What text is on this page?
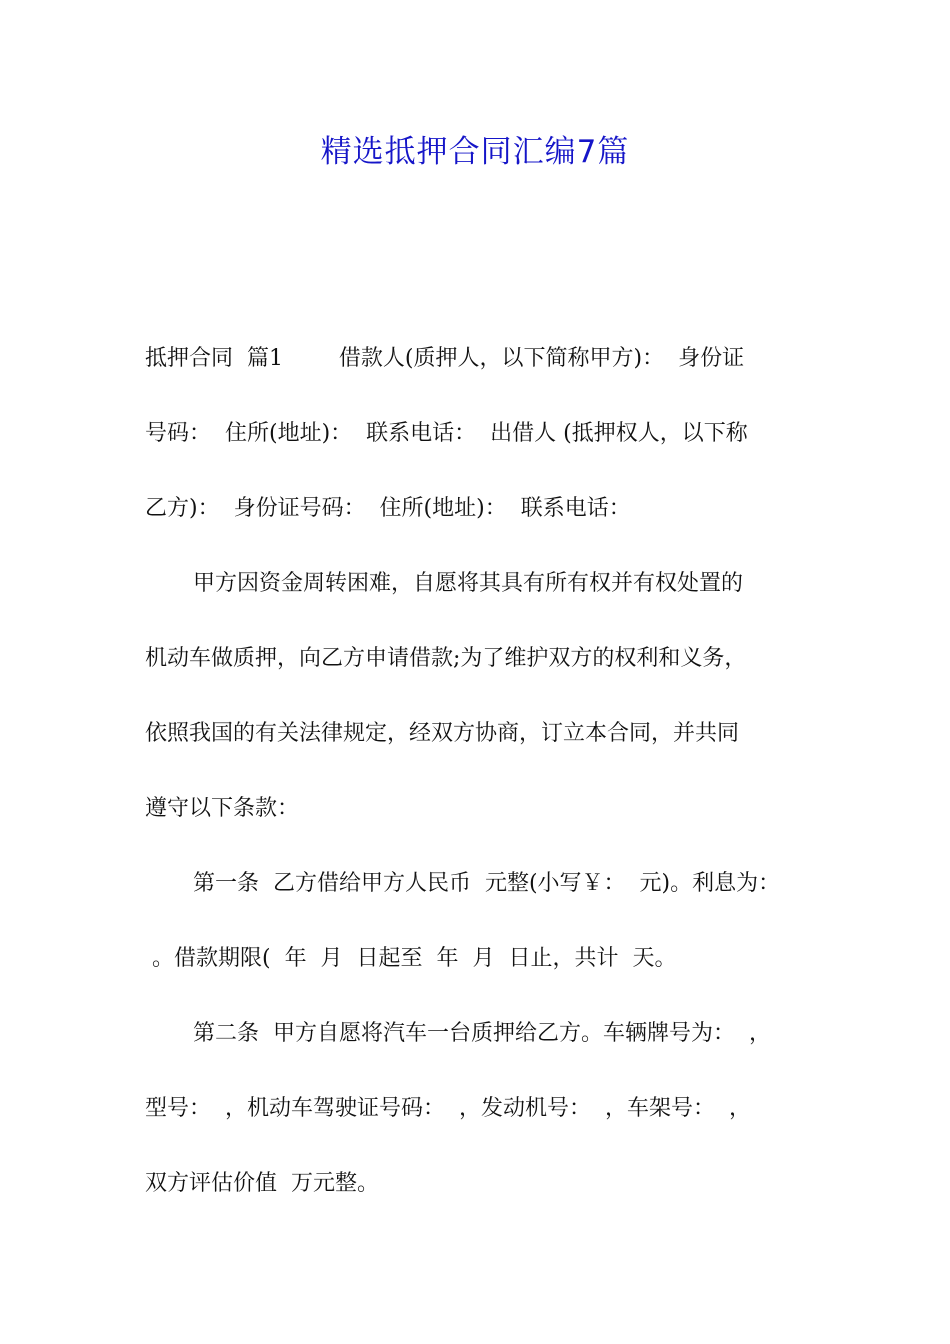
精选抵押合同汇编7篇
抵押合同  篇1        借款人(质押人，以下简称甲方)：  身份证
号码：  住所(地址)：  联系电话：  出借人 (抵押权人，以下称
乙方)：  身份证号码：  住所(地址)：  联系电话：
甲方因资金周转困难，自愿将其具有所有权并有权处置的
机动车做质押，向乙方申请借款;为了维护双方的权利和义务，
依照我国的有关法律规定，经双方协商，订立本合同，并共同
遵守以下条款：
第一条  乙方借给甲方人民币  元整(小写￥：  元)。利息为：
。借款期限(  年  月  日起至  年  月  日止，共计  天。
第二条  甲方自愿将汽车一台质押给乙方。车辆牌号为：  ，
型号：  ，机动车驾驶证号码：  ，发动机号：  ，车架号：  ，
双方评估价值  万元整。
